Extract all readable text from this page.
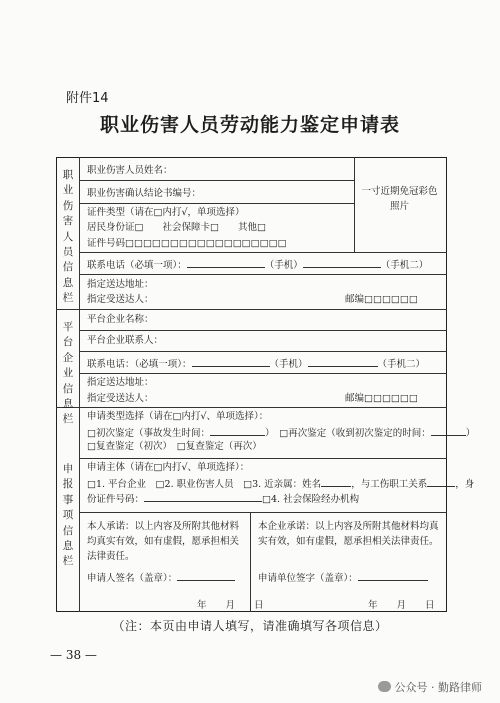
附件14
职业伤害人员劳动能力鉴定申请表
职业伤害人员信息栏
平台企业信息栏
申报事项信息栏
一寸近期免冠彩色照片
职业伤害人员姓名：
职业伤害确认结论书编号：
证件类型（请在□内打√，单项选择）
居民身份证□　　社会保障卡□　　其他□
证件号码□□□□□□□□□□□□□□□□□□
联系电话（必填一项）：	（手机）	（手机二）
指定送达地址：
指定受送达人：	邮编□□□□□□
平台企业名称：
平台企业联系人：
联系电话：（必填一项）：	（手机）	（手机二）
指定送达地址：
指定受送达人：	邮编□□□□□□
申请类型选择（请在□内打√、单项选择）：
□初次鉴定（事故发生时间：	）　□再次鉴定（收到初次鉴定的时间：	）
□复查鉴定（初次）　□复查鉴定（再次）
申请主体（请在□内打√、单项选择）：
□1. 平台企业　□2. 职业伤害人员　□3. 近亲属：姓名	，与工伤职工关系	，身
份证件号码：	□4. 社会保险经办机构
本人承诺：以上内容及所附其他材料均真实有效，如有虚假，愿承担相关法律责任。
本企业承诺：以上内容及所附其他材料均真实有效，如有虚假，愿承担相关法律责任。
申请人签名（盖章）：	申请单位签字（盖章）：
年　　月　　日	年　　月　　日
（注：本页由申请人填写，请准确填写各项信息）
— 38 —
公众号 · 勤路律师
